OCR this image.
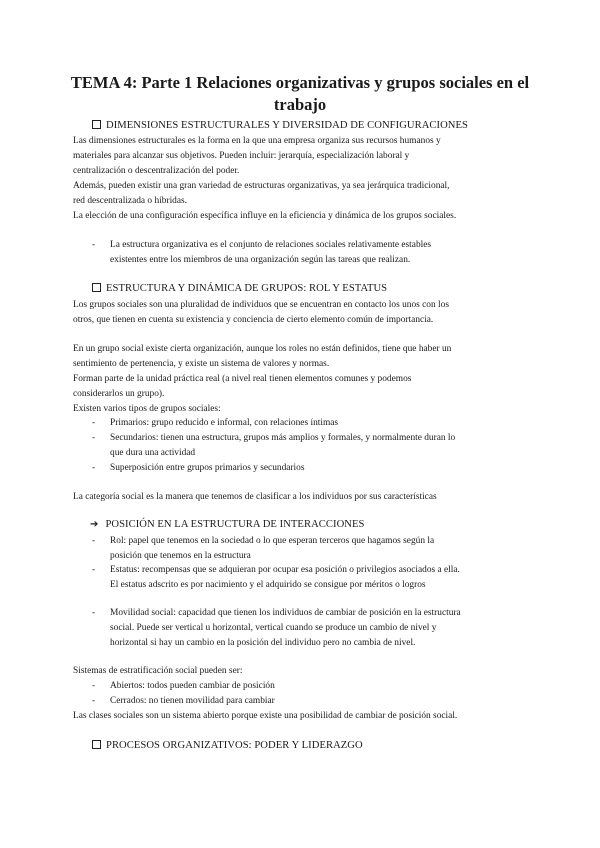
TEMA 4: Parte 1 Relaciones organizativas y grupos sociales en el
trabajo
DIMENSIONES ESTRUCTURALES Y DIVERSIDAD DE CONFIGURACIONES
Las dimensiones estructurales es la forma en la que una empresa organiza sus recursos humanos y
materiales para alcanzar sus objetivos. Pueden incluir: jerarquía, especialización laboral y
centralización o descentralización del poder.
Además, pueden existir una gran variedad de estructuras organizativas, ya sea jerárquica tradicional,
red descentralizada o híbridas.
La elección de una configuración específica influye en la eficiencia y dinámica de los grupos sociales.
- La estructura organizativa es el conjunto de relaciones sociales relativamente estables
existentes entre los miembros de una organización según las tareas que realizan.
ESTRUCTURA Y DINÁMICA DE GRUPOS: ROL Y ESTATUS
Los grupos sociales son una pluralidad de individuos que se encuentran en contacto los unos con los
otros, que tienen en cuenta su existencia y conciencia de cierto elemento común de importancia.
En un grupo social existe cierta organización, aunque los roles no están definidos, tiene que haber un
sentimiento de pertenencia, y existe un sistema de valores y normas.
Forman parte de la unidad práctica real (a nivel real tienen elementos comunes y podemos
considerarlos un grupo).
Existen varios tipos de grupos sociales:
- Primarios: grupo reducido e informal, con relaciones íntimas
- Secundarios: tienen una estructura, grupos más amplios y formales, y normalmente duran lo
que dura una actividad
- Superposición entre grupos primarios y secundarios
La categoría social es la manera que tenemos de clasificar a los individuos por sus características
➔ POSICIÓN EN LA ESTRUCTURA DE INTERACCIONES
- Rol: papel que tenemos en la sociedad o lo que esperan terceros que hagamos según la
posición que tenemos en la estructura
- Estatus: recompensas que se adquieran por ocupar esa posición o privilegios asociados a ella.
El estatus adscrito es por nacimiento y el adquirido se consigue por méritos o logros
- Movilidad social: capacidad que tienen los individuos de cambiar de posición en la estructura
social. Puede ser vertical u horizontal, vertical cuando se produce un cambio de nivel y
horizontal si hay un cambio en la posición del individuo pero no cambia de nivel.
Sistemas de estratificación social pueden ser:
- Abiertos: todos pueden cambiar de posición
- Cerrados: no tienen movilidad para cambiar
Las clases sociales son un sistema abierto porque existe una posibilidad de cambiar de posición social.
PROCESOS ORGANIZATIVOS: PODER Y LIDERAZGO
